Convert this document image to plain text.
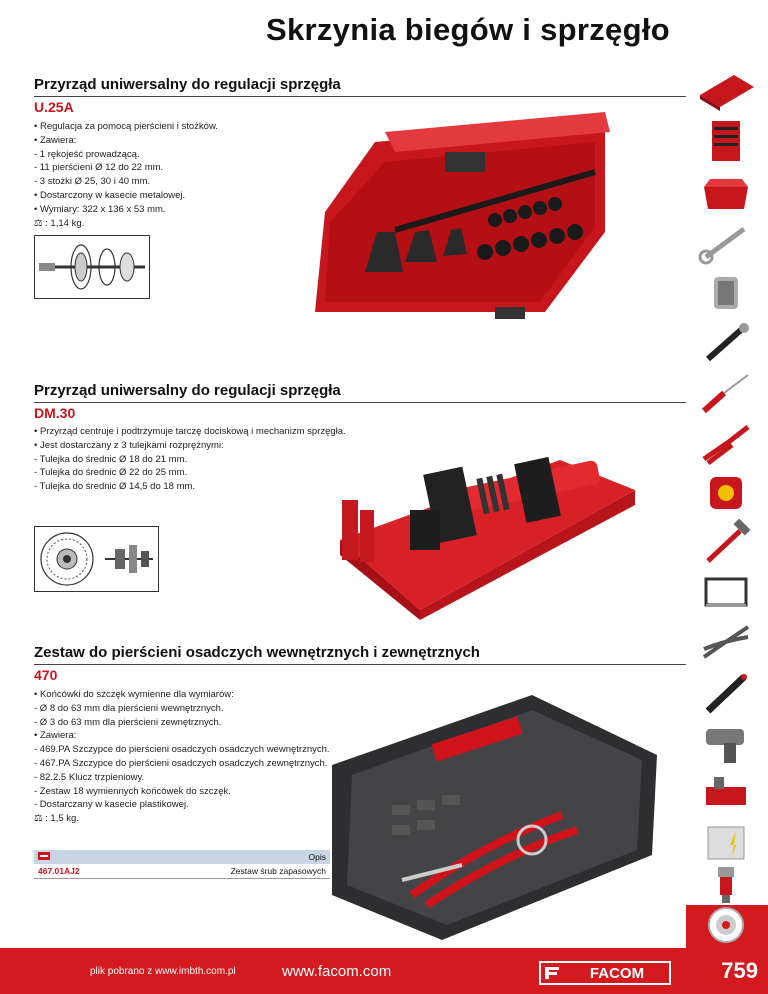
Skrzynia biegów i sprzęgło
Przyrząd uniwersalny do regulacji sprzęgła
U.25A
• Regulacja za pomocą pierścieni i stożków.
• Zawiera:
- 1 rękojeść prowadzącą.
- 11 pierścieni Ø 12 do 22 mm.
- 3 stożki Ø 25, 30 i 40 mm.
• Dostarczony w kasecie metalowej.
• Wymiary: 322 x 136 x 53 mm.
⚖ : 1,14 kg.
Przyrząd uniwersalny do regulacji sprzęgła
DM.30
• Przyrząd centruje i podtrzymuje tarczę dociskową i mechanizm sprzęgła.
• Jest dostarczany z 3 tulejkami rozprężnymi:
- Tulejka do średnic Ø 18 do 21 mm.
- Tulejka do średnic Ø 22 do 25 mm.
- Tulejka do średnic Ø 14,5 do 18 mm.
Zestaw do pierścieni osadczych wewnętrznych i zewnętrznych
470
• Końcówki do szczęk wymienne dla wymiarów:
- Ø 8 do 63 mm dla pierścieni wewnętrznych.
- Ø 3 do 63 mm dla pierścieni zewnętrznych.
• Zawiera:
- 469.PA Szczypce do pierścieni osadczych osadczych wewnętrznych.
- 467.PA Szczypce do pierścieni osadczych osadczych zewnętrznych.
- 82.2.5 Klucz trzpieniowy.
- Zestaw 18 wymiennych końcówek do szczęk.
- Dostarczany w kasecie plastikowej.
⚖ : 1,5 kg.
	Opis
467.01AJ2	Zestaw śrub zapasowych
plik pobrano z www.imbth.com.pl	www.facom.com	FACOM	759
